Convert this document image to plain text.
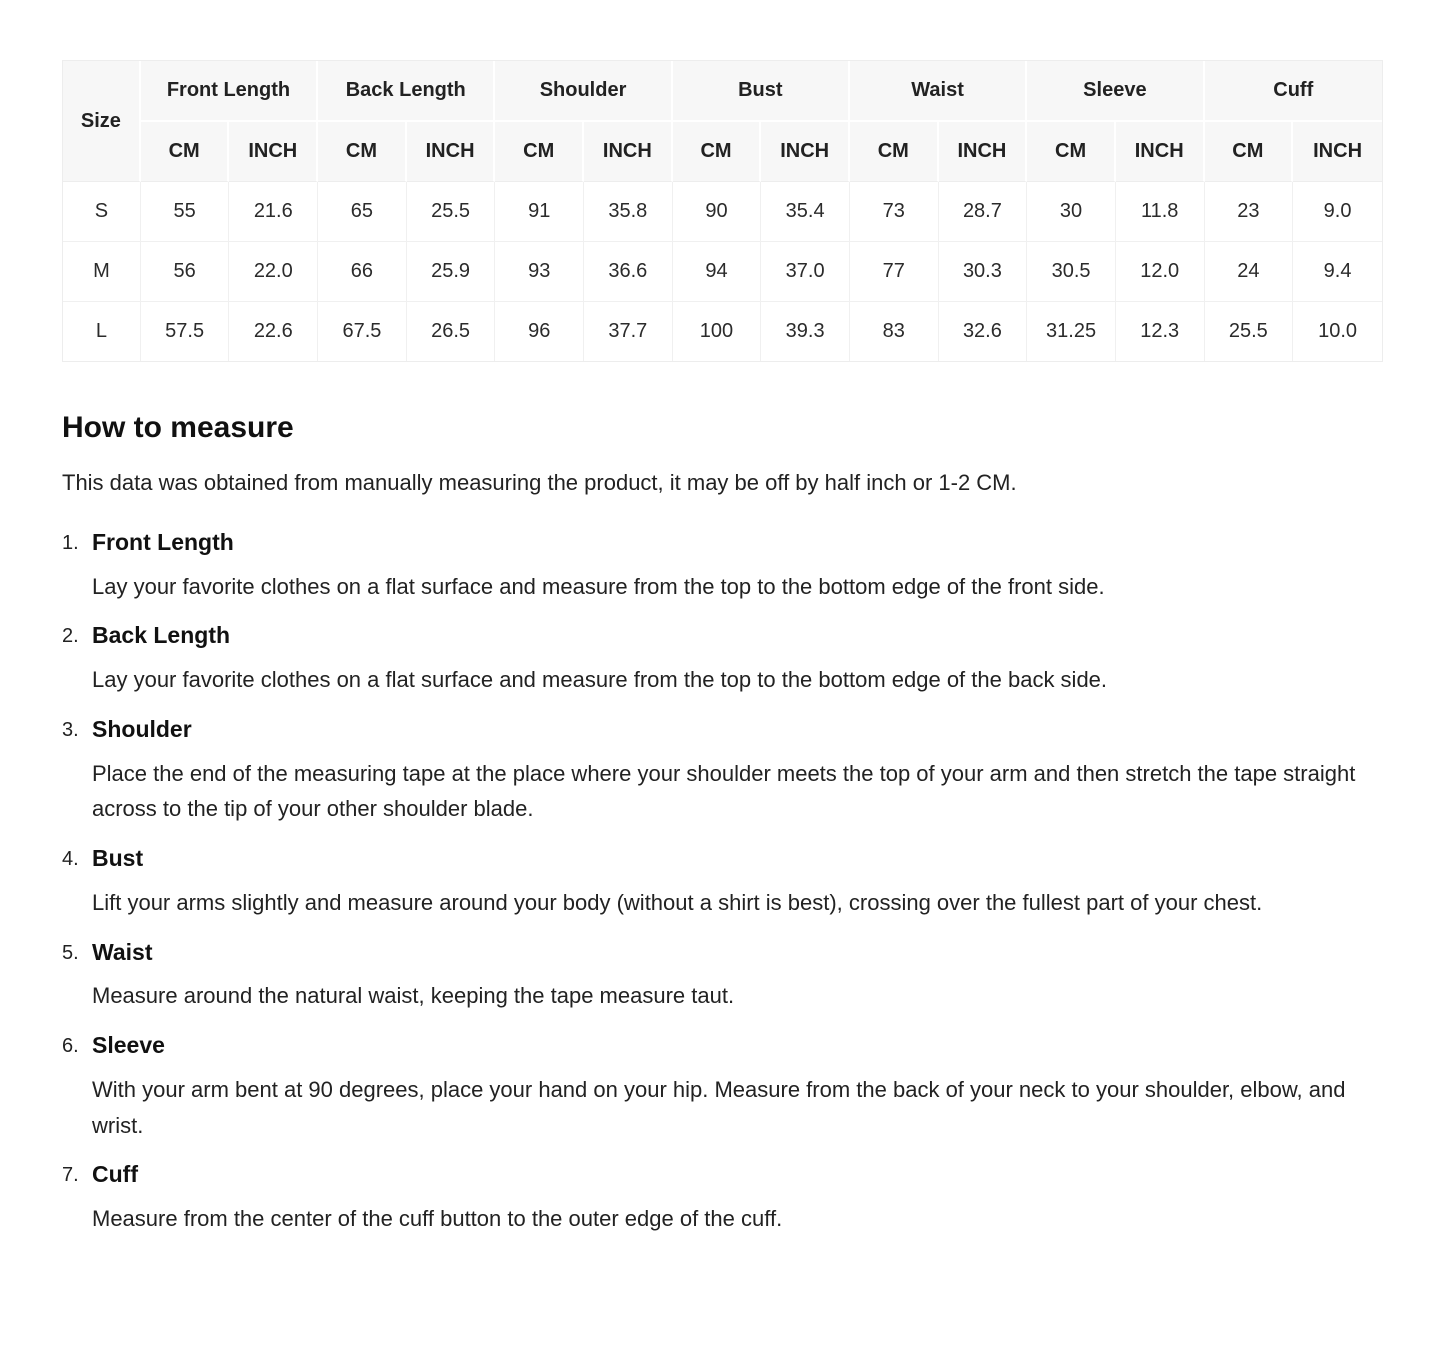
Size	Front Length		Back Length		Shoulder		Bust		Waist		Sleeve		Cuff	
	CM	INCH	CM	INCH	CM	INCH	CM	INCH	CM	INCH	CM	INCH	CM	INCH
S	55	21.6	65	25.5	91	35.8	90	35.4	73	28.7	30	11.8	23	9.0
M	56	22.0	66	25.9	93	36.6	94	37.0	77	30.3	30.5	12.0	24	9.4
L	57.5	22.6	67.5	26.5	96	37.7	100	39.3	83	32.6	31.25	12.3	25.5	10.0
How to measure

This data was obtained from manually measuring the product, it may be off by half inch or 1-2 CM.

1. Front Length

Lay your favorite clothes on a flat surface and measure from the top to the bottom edge of the front side.

2. Back Length

Lay your favorite clothes on a flat surface and measure from the top to the bottom edge of the back side.

3. Shoulder

Place the end of the measuring tape at the place where your shoulder meets the top of your arm and then stretch the tape straight across to the tip of your other shoulder blade.

4. Bust

Lift your arms slightly and measure around your body (without a shirt is best), crossing over the fullest part of your chest.

5. Waist

Measure around the natural waist, keeping the tape measure taut.

6. Sleeve

With your arm bent at 90 degrees, place your hand on your hip. Measure from the back of your neck to your shoulder, elbow, and wrist.

7. Cuff

Measure from the center of the cuff button to the outer edge of the cuff.
